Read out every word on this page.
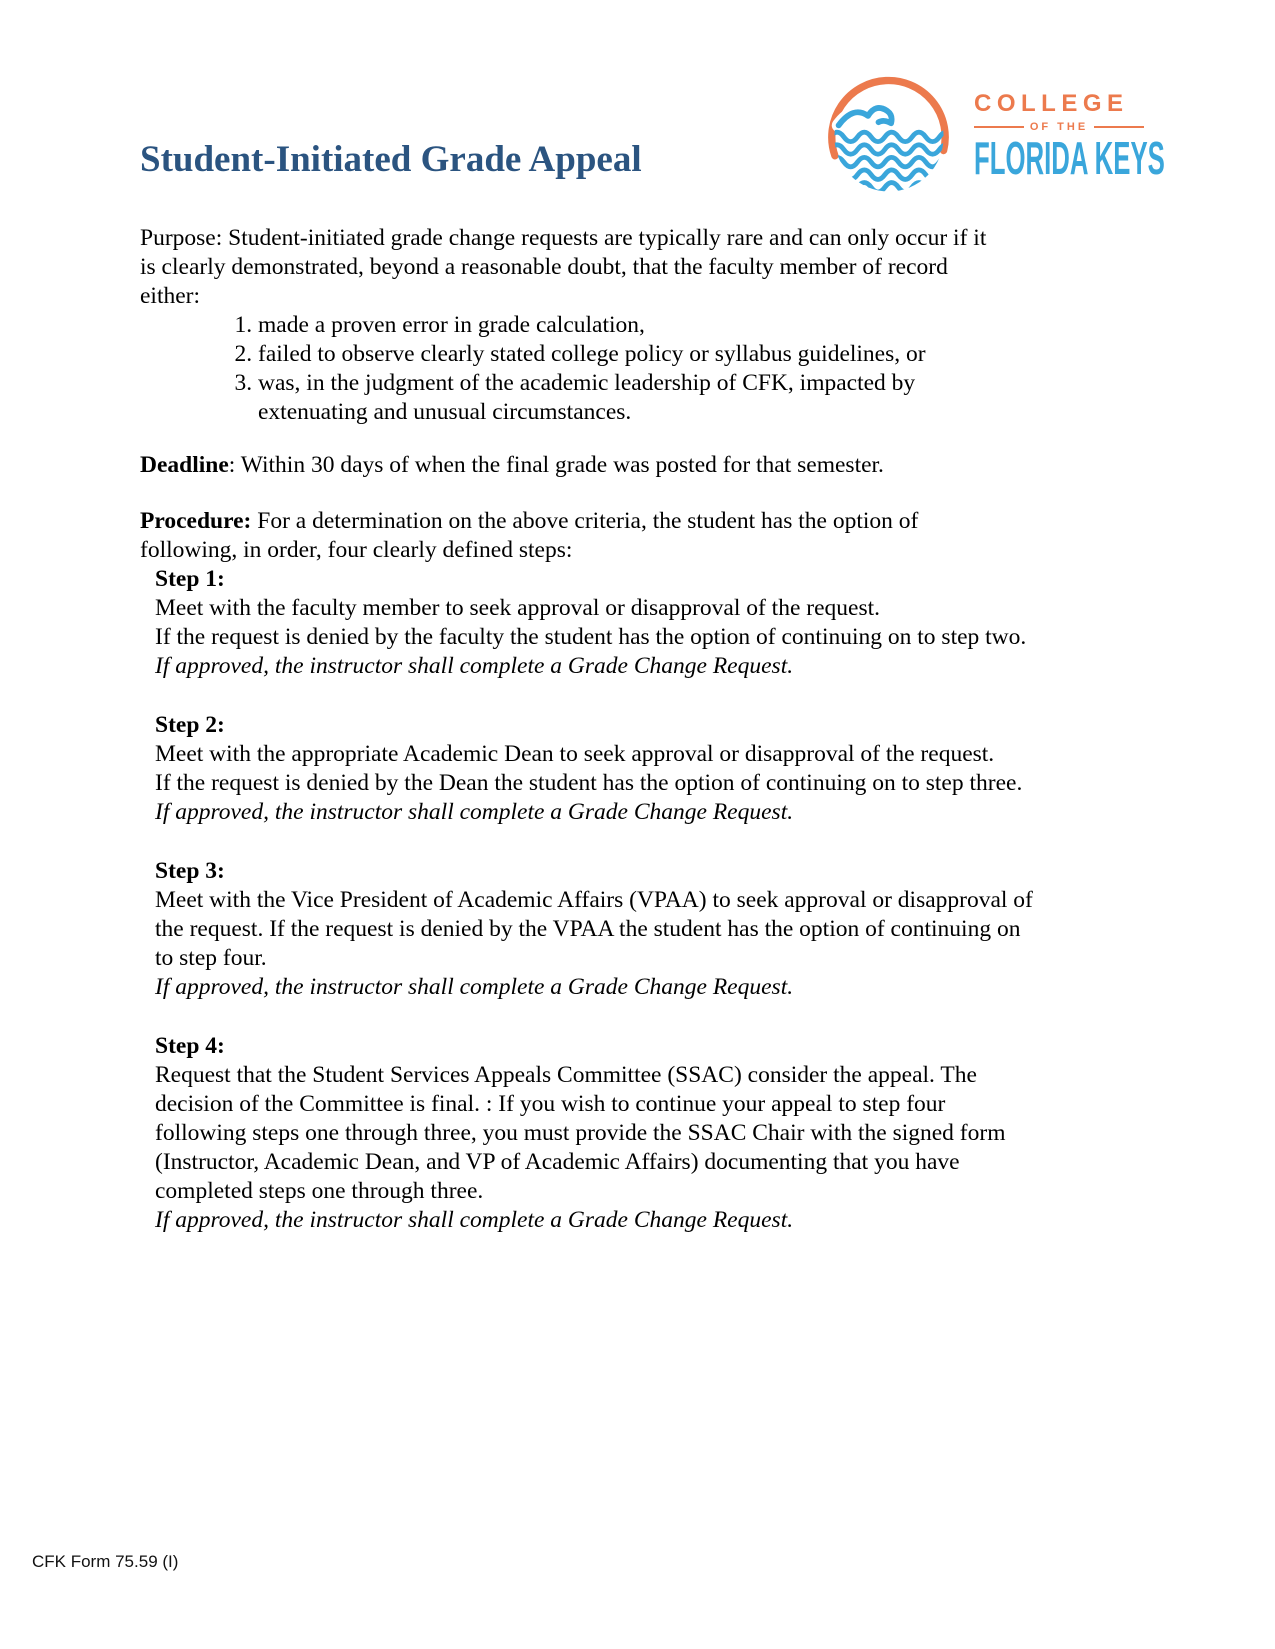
Student-Initiated Grade Appeal
COLLEGE
OF THE
FLORIDA KEYS
Purpose: Student-initiated grade change requests are typically rare and can only occur if it
is clearly demonstrated, beyond a reasonable doubt, that the faculty member of record
either:
1. made a proven error in grade calculation,
2. failed to observe clearly stated college policy or syllabus guidelines, or
3. was, in the judgment of the academic leadership of CFK, impacted by
extenuating and unusual circumstances.
Deadline: Within 30 days of when the final grade was posted for that semester.
Procedure: For a determination on the above criteria, the student has the option of
following, in order, four clearly defined steps:
Step 1:
Meet with the faculty member to seek approval or disapproval of the request.
If the request is denied by the faculty the student has the option of continuing on to step two.
If approved, the instructor shall complete a Grade Change Request.
Step 2:
Meet with the appropriate Academic Dean to seek approval or disapproval of the request.
If the request is denied by the Dean the student has the option of continuing on to step three.
If approved, the instructor shall complete a Grade Change Request.
Step 3:
Meet with the Vice President of Academic Affairs (VPAA) to seek approval or disapproval of
the request. If the request is denied by the VPAA the student has the option of continuing on
to step four.
If approved, the instructor shall complete a Grade Change Request.
Step 4:
Request that the Student Services Appeals Committee (SSAC) consider the appeal. The
decision of the Committee is final. : If you wish to continue your appeal to step four
following steps one through three, you must provide the SSAC Chair with the signed form
(Instructor, Academic Dean, and VP of Academic Affairs) documenting that you have
completed steps one through three.
If approved, the instructor shall complete a Grade Change Request.
CFK Form 75.59 (I)
